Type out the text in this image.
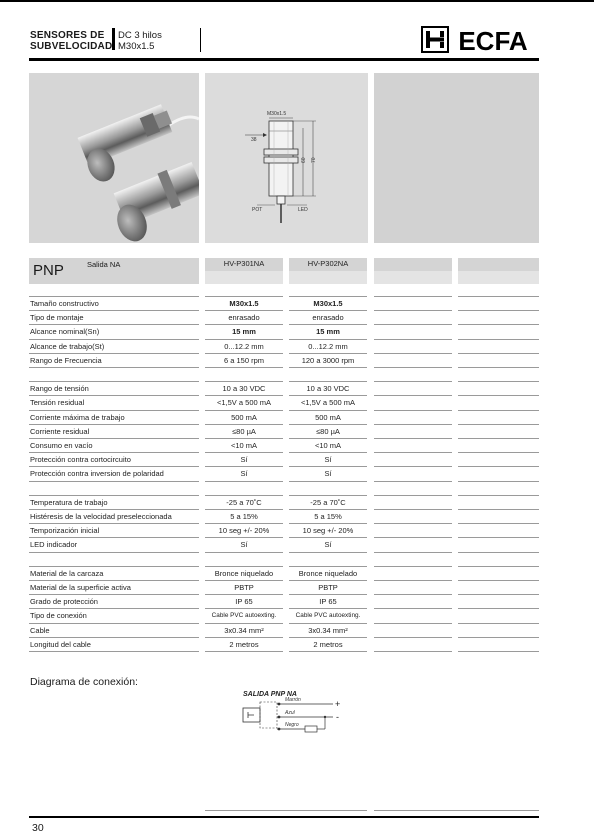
SENSORES DE
SUBVELOCIDAD
DC 3 hilos
M30x1.5	ECFA
M30x1.5
38
60 70
POT	LED
PNP	Salida NA	HV-P301NA	HV-P302NA
Tamaño constructivo	M30x1.5	M30x1.5
Tipo de montaje	enrasado	enrasado
Alcance nominal(Sn)	15 mm	15 mm
Alcance de trabajo(St)	0...12.2 mm	0...12.2 mm
Rango de Frecuencia	6 a 150 rpm	120 a 3000 rpm
Rango de tensión	10 a 30 VDC	10 a 30 VDC
Tensión residual	<1,5V a 500 mA	<1,5V a 500 mA
Corriente máxima de trabajo	500 mA	500 mA
Corriente residual	≤80 µA	≤80 µA
Consumo en vacío	<10 mA	<10 mA
Protección contra cortocircuito	Sí	Sí
Protección contra inversion de polaridad	Sí	Sí
Temperatura de trabajo	-25 a 70˚C	-25 a 70˚C
Histéresis de la velocidad preseleccionada	5 a 15%	5 a 15%
Temporización inicial	10 seg +/- 20%	10 seg +/- 20%
LED indicador	Sí	Sí
Material de la carcaza	Bronce niquelado	Bronce niquelado
Material de la superficie activa	PBTP	PBTP
Grado de protección	IP 65	IP 65
Tipo de conexión	Cable PVC autoexting.	Cable PVC autoexting.
Cable	3x0.34 mm²	3x0.34 mm²
Longitud del cable	2 metros	2 metros
Diagrama de conexión:
SALIDA PNP NA
Marrón
Azul
Negro
+
-
30
